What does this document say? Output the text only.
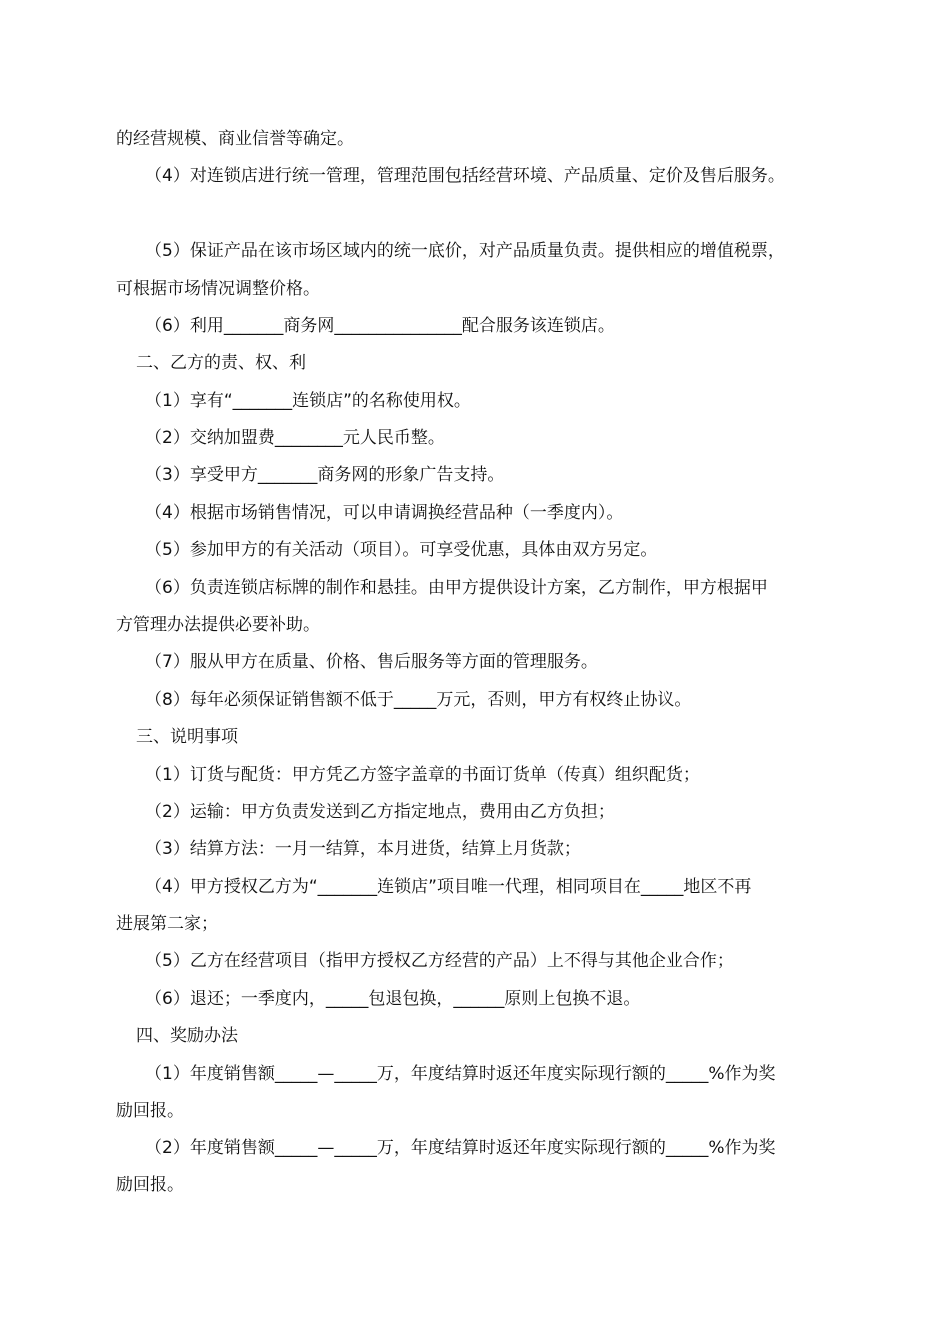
的经营规模、商业信誉等确定。
（4）对连锁店进行统一管理，管理范围包括经营环境、产品质量、定价及售后服务。
（5）保证产品在该市场区域内的统一底价，对产品质量负责。提供相应的增值税票，
可根据市场情况调整价格。
（6）利用_______商务网_______________配合服务该连锁店。
二、乙方的责、权、利
（1）享有“_______连锁店”的名称使用权。
（2）交纳加盟费________元人民币整。
（3）享受甲方_______商务网的形象广告支持。
（4）根据市场销售情况，可以申请调换经营品种（一季度内）。
（5）参加甲方的有关活动（项目）。可享受优惠，具体由双方另定。
（6）负责连锁店标牌的制作和悬挂。由甲方提供设计方案，乙方制作，甲方根据甲
方管理办法提供必要补助。
（7）服从甲方在质量、价格、售后服务等方面的管理服务。
（8）每年必须保证销售额不低于_____万元，否则，甲方有权终止协议。
三、说明事项
（1）订货与配货：甲方凭乙方签字盖章的书面订货单（传真）组织配货；
（2）运输：甲方负责发送到乙方指定地点，费用由乙方负担；
（3）结算方法：一月一结算，本月进货，结算上月货款；
（4）甲方授权乙方为“_______连锁店”项目唯一代理，相同项目在_____地区不再
进展第二家；
（5）乙方在经营项目（指甲方授权乙方经营的产品）上不得与其他企业合作；
（6）退还；一季度内，_____包退包换，______原则上包换不退。
四、奖励办法
（1）年度销售额_____—_____万，年度结算时返还年度实际现行额的_____%作为奖
励回报。
（2）年度销售额_____—_____万，年度结算时返还年度实际现行额的_____%作为奖
励回报。
